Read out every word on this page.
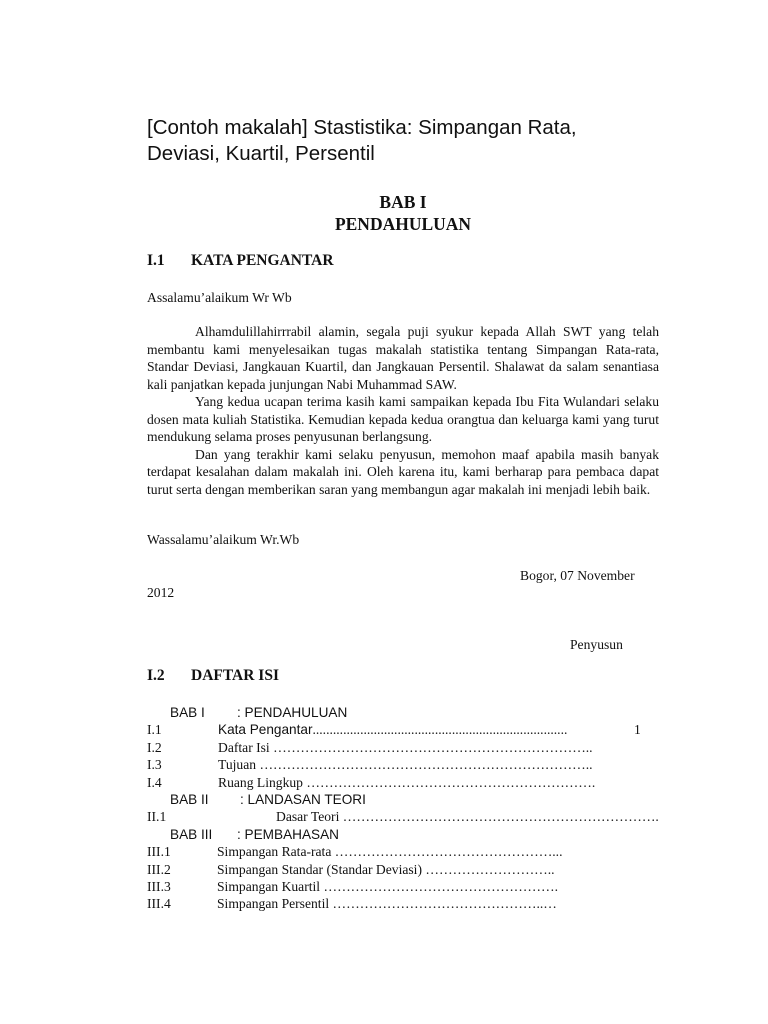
[Contoh makalah] Stastistika: Simpangan Rata,
Deviasi, Kuartil, Persentil
BAB I
PENDAHULUAN
I.1 KATA PENGANTAR
Assalamu’alaikum Wr Wb

Alhamdulillahirrrabil alamin, segala puji syukur kepada Allah SWT yang telah membantu kami menyelesaikan tugas makalah statistika tentang Simpangan Rata-rata, Standar Deviasi, Jangkauan Kuartil, dan Jangkauan Persentil. Shalawat da salam senantiasa kali panjatkan kepada junjungan Nabi Muhammad SAW.

Yang kedua ucapan terima kasih kami sampaikan kepada Ibu Fita Wulandari selaku dosen mata kuliah Statistika. Kemudian kepada kedua orangtua dan keluarga kami yang turut mendukung selama proses penyusunan berlangsung.

Dan yang terakhir kami selaku penyusun, memohon maaf apabila masih banyak terdapat kesalahan dalam makalah ini. Oleh karena itu, kami berharap para pembaca dapat turut serta dengan memberikan saran yang membangun agar makalah ini menjadi lebih baik.

Wassalamu’alaikum Wr.Wb
Bogor, 07 November
2012
Penyusun
I.2 DAFTAR ISI
BAB I : PENDAHULUAN
I.1	Kata Pengantar...........................................................................	1
I.2	Daftar Isi ……………………………………………………………..
I.3	Tujuan ………………………………………………………………..
I.4	Ruang Lingkup ……………………………………………………….
BAB II : LANDASAN TEORI
II.1	Dasar Teori …………………………………………………………….
BAB III : PEMBAHASAN
III.1	Simpangan Rata-rata …………………………………………...
III.2	Simpangan Standar (Standar Deviasi) ………………………..
III.3	Simpangan Kuartil …………………………………………….
III.4	Simpangan Persentil ………………………………………..…
